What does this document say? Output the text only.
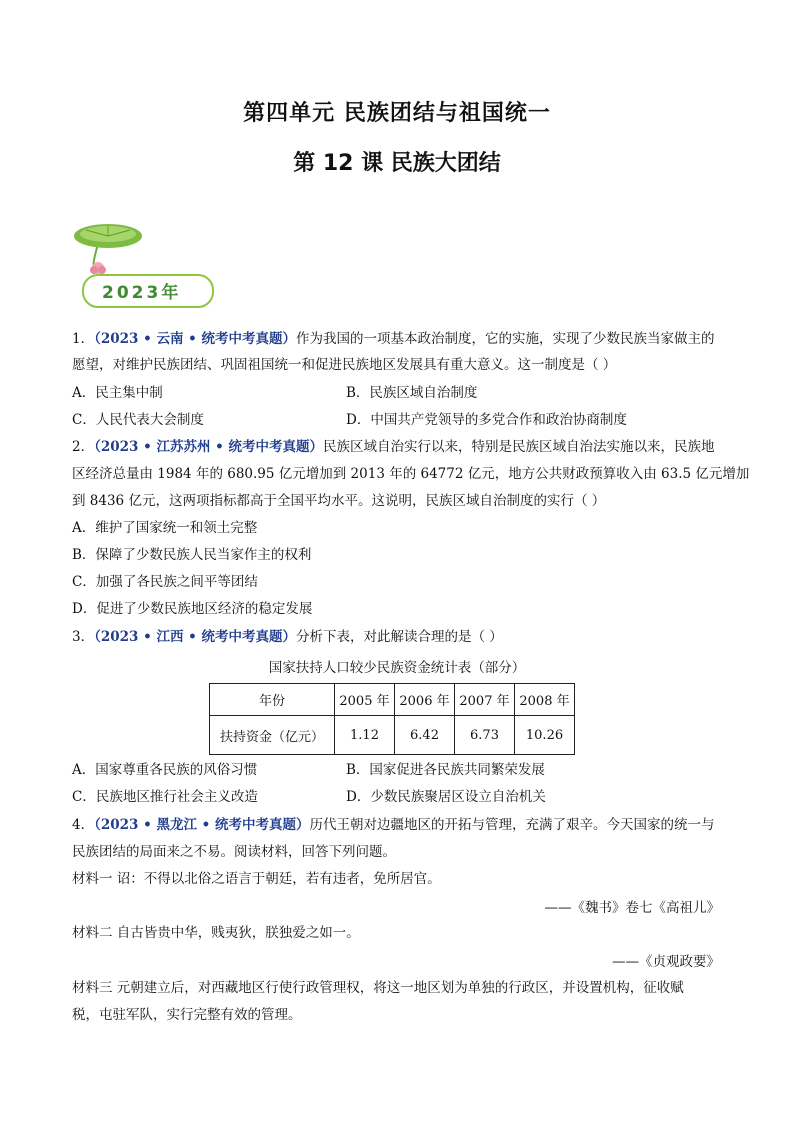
第四单元 民族团结与祖国统一
第 12 课 民族大团结
2023年
1．（2023 • 云南 • 统考中考真题）作为我国的一项基本政治制度，它的实施，实现了少数民族当家做主的
愿望，对维护民族团结、巩固祖国统一和促进民族地区发展具有重大意义。这一制度是（ ）
A．民主集中制	B．民族区域自治制度
C．人民代表大会制度	D．中国共产党领导的多党合作和政治协商制度
2．（2023 • 江苏苏州 • 统考中考真题）民族区域自治实行以来，特别是民族区域自治法实施以来，民族地
区经济总量由 1984 年的 680.95 亿元增加到 2013 年的 64772 亿元，地方公共财政预算收入由 63.5 亿元增加
到 8436 亿元，这两项指标都高于全国平均水平。这说明，民族区域自治制度的实行（ ）
A．维护了国家统一和领土完整
B．保障了少数民族人民当家作主的权利
C．加强了各民族之间平等团结
D．促进了少数民族地区经济的稳定发展
3．（2023 • 江西 • 统考中考真题）分析下表，对此解读合理的是（ ）
国家扶持人口较少民族资金统计表（部分）
年份	2005 年	2006 年	2007 年	2008 年
扶持资金（亿元）	1.12	6.42	6.73	10.26
A．国家尊重各民族的风俗习惯	B．国家促进各民族共同繁荣发展
C．民族地区推行社会主义改造	D．少数民族聚居区设立自治机关
4．（2023 • 黑龙江 • 统考中考真题）历代王朝对边疆地区的开拓与管理，充满了艰辛。今天国家的统一与
民族团结的局面来之不易。阅读材料，回答下列问题。
材料一 诏：不得以北俗之语言于朝廷，若有违者，免所居官。
——《魏书》卷七《高祖儿》
材料二 自古皆贵中华，贱夷狄，朕独爱之如一。
——《贞观政要》
材料三 元朝建立后，对西藏地区行使行政管理权，将这一地区划为单独的行政区，并设置机构，征收赋
税，屯驻军队，实行完整有效的管理。
